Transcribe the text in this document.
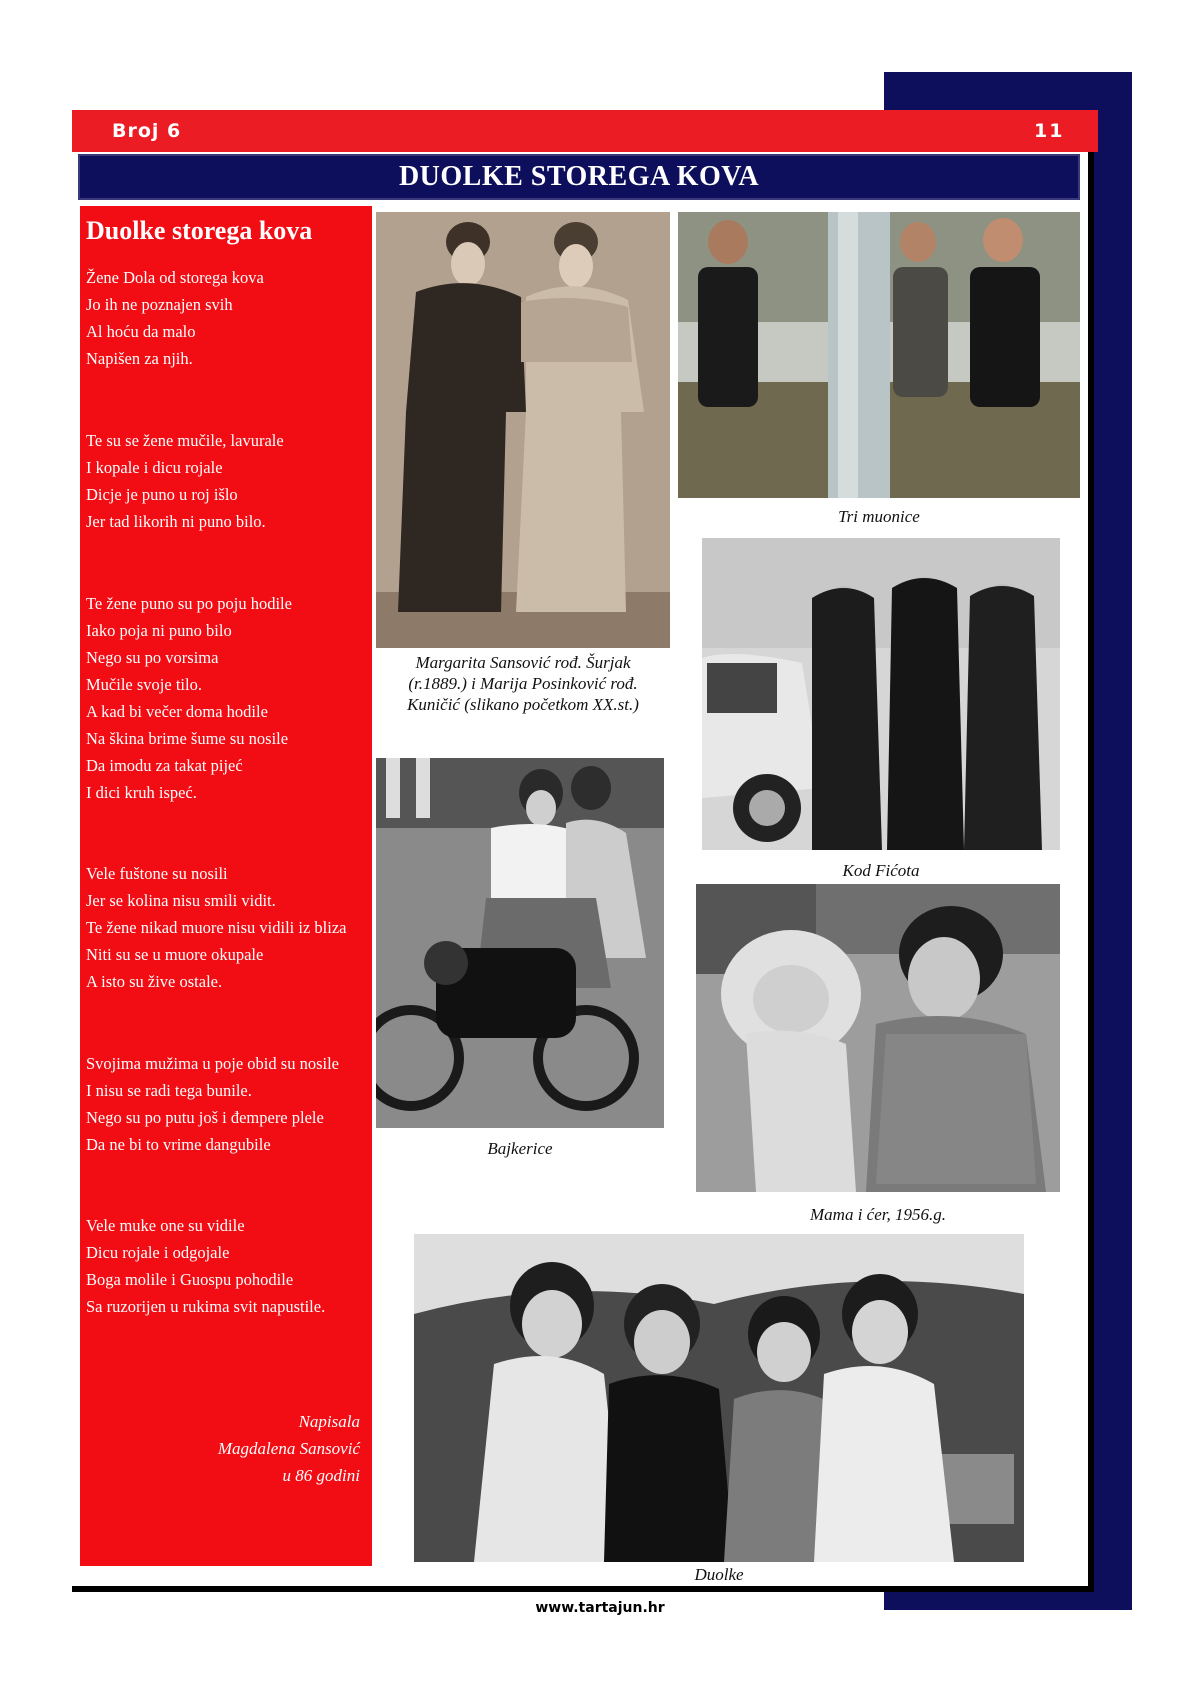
Broj 6	11
DUOLKE STOREGA KOVA
Duolke storega kova
Žene Dola od storega kova
Jo ih ne poznajen svih
Al hoću da malo
Napišen za njih.
Te su se žene mučile, lavurale
I kopale i dicu rojale
Dicje je puno u roj išlo
Jer tad likorih ni puno bilo.
Te žene puno su po poju hodile
Iako poja ni puno bilo
Nego su po vorsima
Mučile svoje tilo.
A kad bi večer doma hodile
Na škina brime šume su nosile
Da imodu za takat pijeć
I dici kruh ispeć.
Vele fuštone su nosili
Jer se kolina nisu smili vidit.
Te žene nikad muore nisu vidili iz bliza
Niti su se u muore okupale
A isto su žive ostale.
Svojima mužima u poje obid su nosile
I nisu se radi tega bunile.
Nego su po putu još i đempere plele
Da ne bi to vrime dangubile
Vele muke one su vidile
Dicu rojale i odgojale
Boga molile i Guospu pohodile
Sa ruzorijen u rukima svit napustile.
Napisala
Magdalena Sansović
u 86 godini
Margarita Sansović rođ. Šurjak
(r.1889.) i Marija Posinković rođ.
Kuničić (slikano početkom XX.st.)
Tri muonice
Kod Fićota
Bajkerice
Mama i ćer, 1956.g.
Duolke
www.tartajun.hr
